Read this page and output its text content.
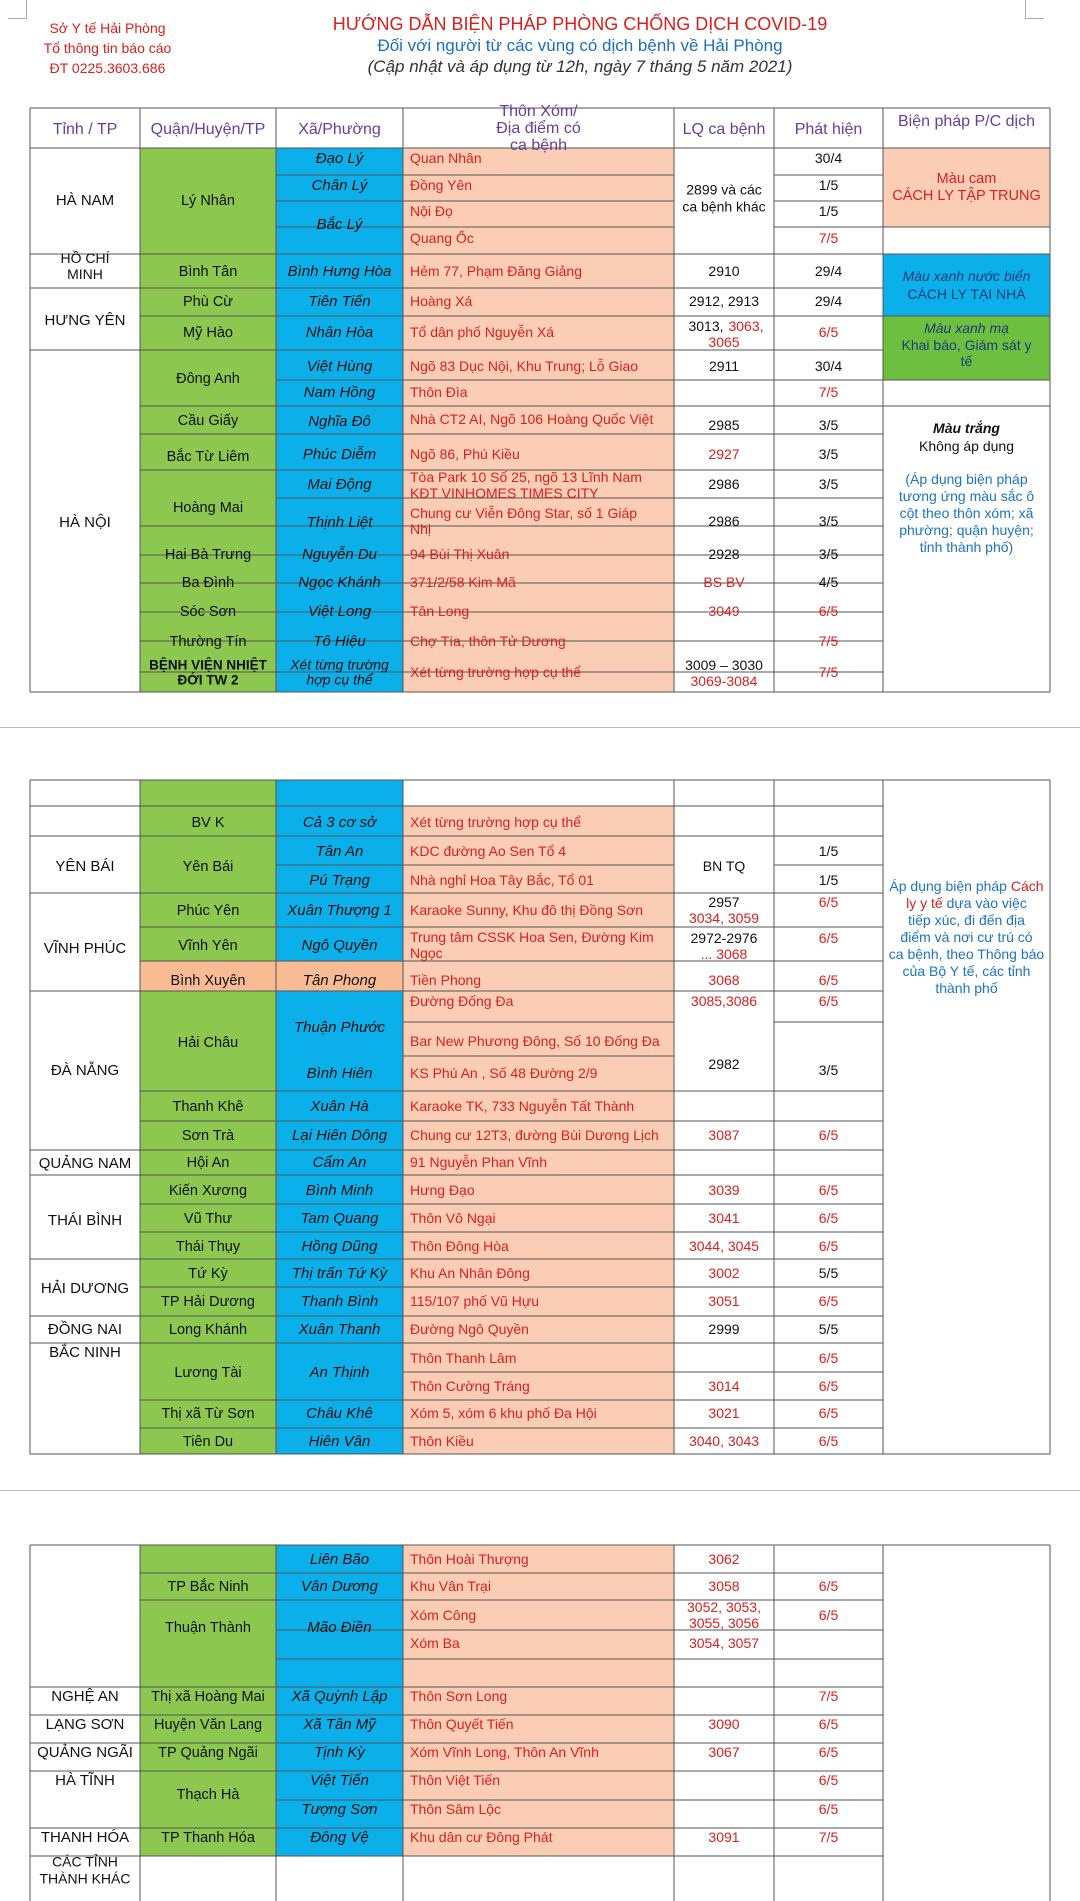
Sở Y tế Hải Phòng
Tổ thông tin báo cáo
ĐT 0225.3603.686
HƯỚNG DẪN BIỆN PHÁP PHÒNG CHỐNG DỊCH COVID-19
Đối với người từ các vùng có dịch bệnh về Hải Phòng
(Cập nhật và áp dụng từ 12h, ngày 7 tháng 5 năm 2021)
Tỉnh / TP Quận/Huyện/TP Xã/Phường
Thôn Xóm/ Địa điểm có ca bệnh
LQ ca bệnh Phát hiện Biện pháp P/C dịch
HÀ NAM
HỒ CHÍ MINH
HƯNG YÊN
HÀ NỘI
Lý Nhân
Bình Tân
Phù Cừ
Mỹ Hào
Đông Anh
Cầu Giấy
Bắc Từ Liêm
Hoàng Mai
Hai Bà Trưng
Ba Đình
Sóc Sơn
Thường Tín
BỆNH VIỆN NHIỆT ĐỚI TW 2
Đạo Lý
Chân Lý
Bắc Lý
Bình Hưng Hòa
Tiên Tiến
Nhân Hòa
Việt Hùng
Nam Hồng
Nghĩa Đô
Phúc Diễm
Mai Động
Thịnh Liệt
Nguyễn Du
Ngọc Khánh
Việt Long
Tô Hiệu
Xét từng trường hợp cụ thể
Quan Nhân
Đồng Yên
Nội Đọ
Quang Ốc
Hẻm 77, Phạm Đăng Giảng
Hoàng Xá
Tổ dân phố Nguyễn Xá
Ngõ 83 Dục Nội, Khu Trung; Lỗ Giao
Thôn Đìa
Ngõ 86, Phú Kiều
94 Bùi Thị Xuân
371/2/58 Kim Mã
Tân Long
Chợ Tía, thôn Tử Dương
Xét từng trường hợp cụ thể
Nhà CT2 AI, Ngõ 106 Hoàng Quốc Việt
Tòa Park 10 Số 25, ngõ 13 Lĩnh Nam KĐT VINHOMES TIMES CITY
Chung cư Viễn Đông Star, số 1 Giáp Nhị
2899 và các ca bệnh khác
2910
2912, 2913
3013, 3063, 3065
2911
2985
2927
2986
2986
2928
BS BV
3049
3009 – 3030
3069-3084
30/4
1/5
1/5
7/5
29/4
29/4
6/5
30/4
7/5
3/5
3/5
3/5
3/5
3/5
4/5
6/5
7/5
7/5
Màu cam
CÁCH LY TẬP TRUNG
Màu xanh nước biển
CÁCH LY TẠI NHÀ
Màu xanh mạ
Khai báo, Giám sát y tế
Màu trắng
Không áp dụng
(Áp dụng biện pháp tương ứng màu sắc ô cột theo thôn xóm; xã phường; quận huyện; tỉnh thành phố)
YÊN BÁI
VĨNH PHÚC
ĐÀ NẴNG
QUẢNG NAM
THÁI BÌNH
HẢI DƯƠNG
ĐỒNG NAI
BẮC NINH
BV K
Yên Bái
Phúc Yên
Vĩnh Yên
Bình Xuyên
Hải Châu
Thanh Khê
Sơn Trà
Hội An
Kiến Xương
Vũ Thư
Thái Thụy
Tứ Kỳ
TP Hải Dương
Long Khánh
Lương Tài
Thị xã Từ Sơn
Tiên Du
Cả 3 cơ sở
Tân An
Pú Trạng
Xuân Thượng 1
Ngô Quyền
Tân Phong
Thuận Phước
Bình Hiên
Xuân Hà
Lại Hiên Dông
Cẩm An
Bình Minh
Tam Quang
Hồng Dũng
Thị trấn Tứ Kỳ
Thanh Bình
Xuân Thanh
An Thịnh
Châu Khê
Hiên Vân
Xét từng trường hợp cụ thể
KDC đường Ao Sen Tổ 4
Nhà nghỉ Hoa Tây Bắc, Tổ 01
Karaoke Sunny, Khu đô thị Đồng Sơn
Tiền Phong
Đường Đống Đa
KS Phú An , Số 48 Đường 2/9
Karaoke TK, 733 Nguyễn Tất Thành
Chung cư 12T3, đường Bùi Dương Lịch
91 Nguyễn Phan Vĩnh
Hưng Đạo
Thôn Vô Ngại
Thôn Đông Hòa
Khu An Nhân Đông
115/107 phố Vũ Hựu
Đường Ngô Quyền
Thôn Thanh Lâm
Thôn Cường Tráng
Xóm 5, xóm 6 khu phố Đa Hội
Thôn Kiều
Trung tâm CSSK Hoa Sen, Đường Kim Ngọc
Bar New Phương Đông, Số 10 Đống Đa
BN TQ
2957
3034, 3059
2972-2976
... 3068
3068
3085,3086
2982
3087
3039
3041
3044, 3045
3002
3051
2999
3014
3021
3040, 3043
1/5
1/5
6/5
6/5
6/5
6/5
3/5
6/5
6/5
6/5
6/5
5/5
6/5
5/5
6/5
6/5
6/5
6/5
Áp dụng biện pháp Cách ly y tế dựa vào việc tiếp xúc, đi đến địa điểm và nơi cư trú có ca bệnh, theo Thông báo của Bộ Y tế, các tỉnh thành phố
NGHỆ AN
LẠNG SƠN
QUẢNG NGÃI
HÀ TĨNH
THANH HÓA
CÁC TỈNH THÀNH KHÁC
TP Bắc Ninh
Thuận Thành
Thị xã Hoàng Mai
Huyện Văn Lang
TP Quảng Ngãi
Thạch Hà
TP Thanh Hóa
Liên Bão
Vân Dương
Mão Điền
Xã Quỳnh Lập
Xã Tân Mỹ
Tịnh Kỳ
Việt Tiến
Tượng Sơn
Đông Vệ
Thôn Hoài Thượng
Khu Vân Trại
Xóm Công
Xóm Ba
Thôn Sơn Long
Thôn Quyết Tiến
Xóm Vĩnh Long, Thôn An Vĩnh
Thôn Việt Tiến
Thôn Sâm Lộc
Khu dân cư Đông Phát
3062
3058
3052, 3053,
3055, 3056
3054, 3057
3090
3067
3091
6/5
6/5
7/5
6/5
6/5
6/5
6/5
7/5
